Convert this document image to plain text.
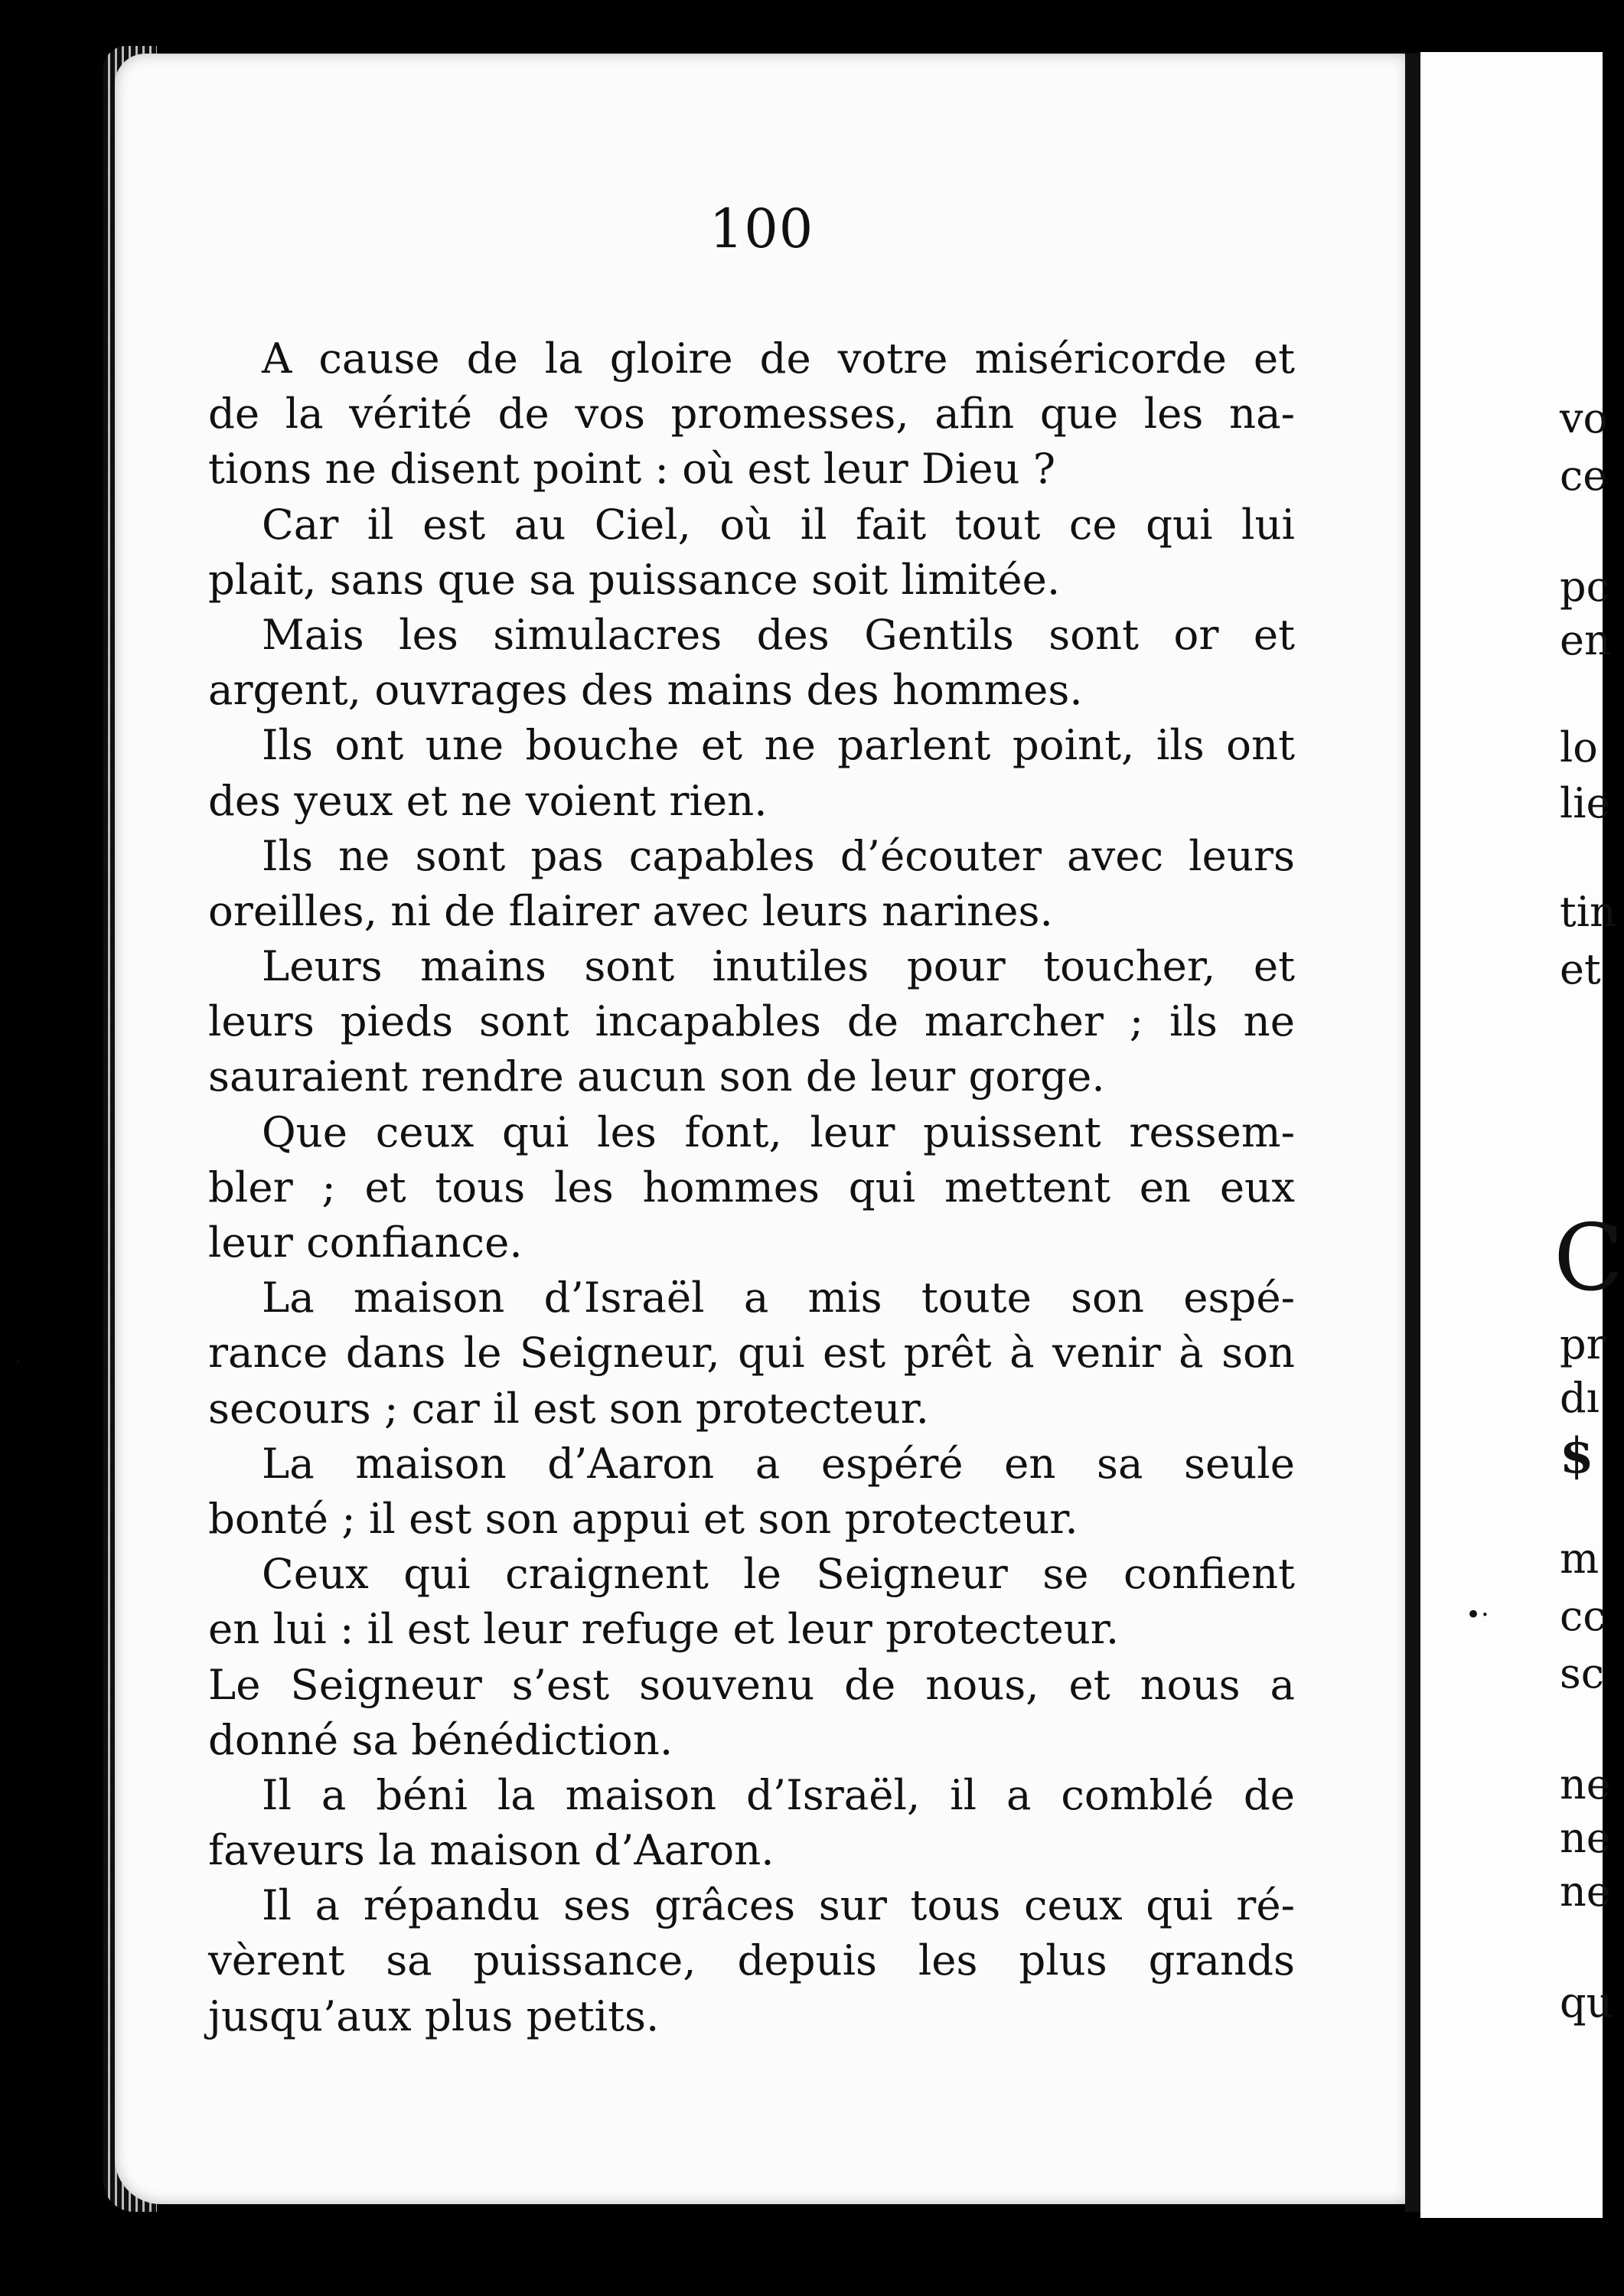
100
A cause de la gloire de votre miséricorde et
de la vérité de vos promesses, afin que les na-
tions ne disent point : où est leur Dieu ?
Car il est au Ciel, où il fait tout ce qui lui
plait, sans que sa puissance soit limitée.
Mais les simulacres des Gentils sont or et
argent, ouvrages des mains des hommes.
Ils ont une bouche et ne parlent point, ils ont
des yeux et ne voient rien.
Ils ne sont pas capables d’écouter avec leurs
oreilles, ni de flairer avec leurs narines.
Leurs mains sont inutiles pour toucher, et
leurs pieds sont incapables de marcher ; ils ne
sauraient rendre aucun son de leur gorge.
Que ceux qui les font, leur puissent ressem-
bler ; et tous les hommes qui mettent en eux
leur confiance.
La maison d’Israël a mis toute son espé-
rance dans le Seigneur, qui est prêt à venir à son
secours ; car il est son protecteur.
La maison d’Aaron a espéré en sa seule
bonté ; il est son appui et son protecteur.
Ceux qui craignent le Seigneur se confient
en lui : il est leur refuge et leur protecteur.
Le Seigneur s’est souvenu de nous, et nous a
donné sa bénédiction.
Il a béni la maison d’Israël, il a comblé de
faveurs la maison d’Aaron.
Il a répandu ses grâces sur tous ceux qui ré-
vèrent sa puissance, depuis les plus grands
jusqu’aux plus petits.
vo
ce
pc
en
lo
lie
tin
et
C
pr
dı
$
m
cc
sc
ne
ne
ne
qu
•·
′
